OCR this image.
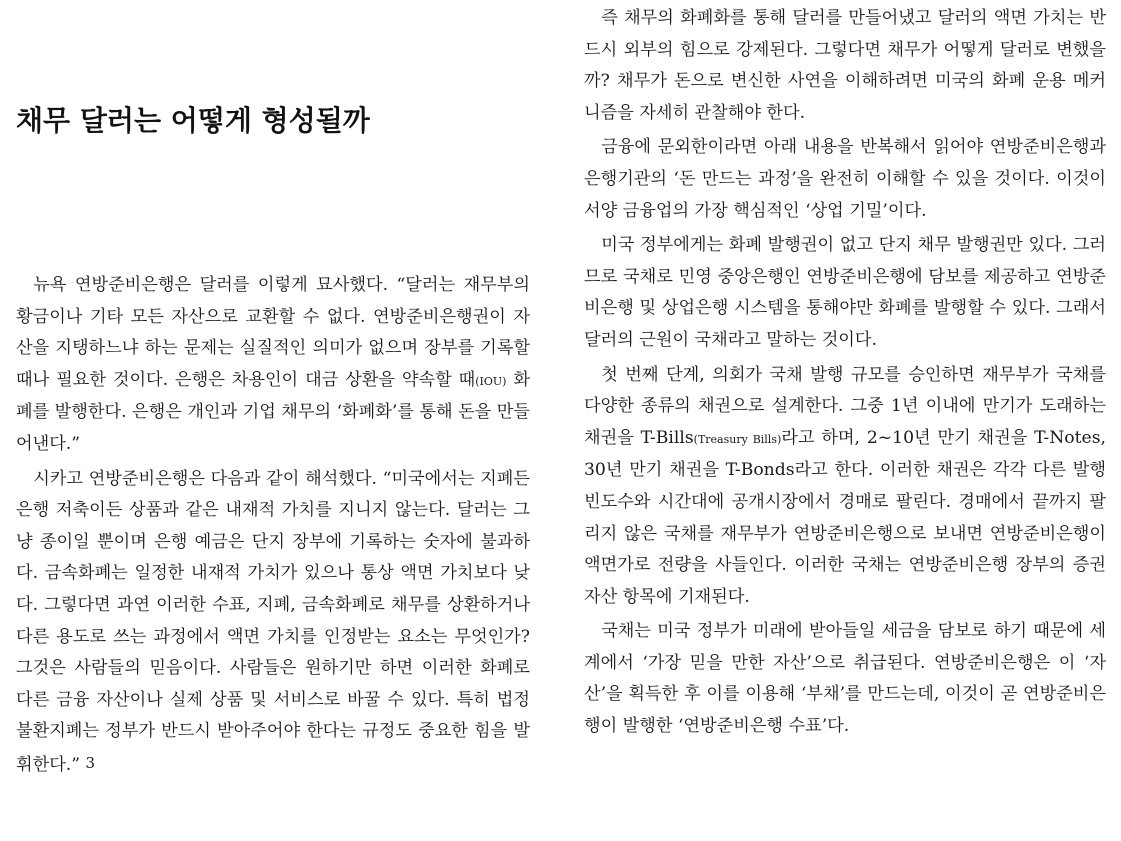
채무 달러는 어떻게 형성될까

뉴욕 연방준비은행은 달러를 이렇게 묘사했다. “달러는 재무부의 황금이나 기타 모든 자산으로 교환할 수 없다. 연방준비은행권이 자산을 지탱하느냐 하는 문제는 실질적인 의미가 없으며 장부를 기록할 때나 필요한 것이다. 은행은 차용인이 대금 상환을 약속할 때(IOU) 화폐를 발행한다. 은행은 개인과 기업 채무의 ‘화폐화’를 통해 돈을 만들어낸다.”

시카고 연방준비은행은 다음과 같이 해석했다. “미국에서는 지폐든 은행 저축이든 상품과 같은 내재적 가치를 지니지 않는다. 달러는 그냥 종이일 뿐이며 은행 예금은 단지 장부에 기록하는 숫자에 불과하다. 금속화폐는 일정한 내재적 가치가 있으나 통상 액면 가치보다 낮다. 그렇다면 과연 이러한 수표, 지폐, 금속화폐로 채무를 상환하거나 다른 용도로 쓰는 과정에서 액면 가치를 인정받는 요소는 무엇인가? 그것은 사람들의 믿음이다. 사람들은 원하기만 하면 이러한 화폐로 다른 금융 자산이나 실제 상품 및 서비스로 바꿀 수 있다. 특히 법정 불환지폐는 정부가 반드시 받아주어야 한다는 규정도 중요한 힘을 발휘한다.” 3

즉 채무의 화폐화를 통해 달러를 만들어냈고 달러의 액면 가치는 반드시 외부의 힘으로 강제된다. 그렇다면 채무가 어떻게 달러로 변했을까? 채무가 돈으로 변신한 사연을 이해하려면 미국의 화폐 운용 메커니즘을 자세히 관찰해야 한다.

금융에 문외한이라면 아래 내용을 반복해서 읽어야 연방준비은행과 은행기관의 ‘돈 만드는 과정’을 완전히 이해할 수 있을 것이다. 이것이 서양 금융업의 가장 핵심적인 ‘상업 기밀’이다.

미국 정부에게는 화폐 발행권이 없고 단지 채무 발행권만 있다. 그러므로 국채로 민영 중앙은행인 연방준비은행에 담보를 제공하고 연방준비은행 및 상업은행 시스템을 통해야만 화폐를 발행할 수 있다. 그래서 달러의 근원이 국채라고 말하는 것이다.

첫 번째 단계, 의회가 국채 발행 규모를 승인하면 재무부가 국채를 다양한 종류의 채권으로 설계한다. 그중 1년 이내에 만기가 도래하는 채권을 T-Bills(Treasury Bills)라고 하며, 2~10년 만기 채권을 T-Notes, 30년 만기 채권을 T-Bonds라고 한다. 이러한 채권은 각각 다른 발행 빈도수와 시간대에 공개시장에서 경매로 팔린다. 경매에서 끝까지 팔리지 않은 국채를 재무부가 연방준비은행으로 보내면 연방준비은행이 액면가로 전량을 사들인다. 이러한 국채는 연방준비은행 장부의 증권자산 항목에 기재된다.

국채는 미국 정부가 미래에 받아들일 세금을 담보로 하기 때문에 세계에서 ‘가장 믿을 만한 자산’으로 취급된다. 연방준비은행은 이 ‘자산’을 획득한 후 이를 이용해 ‘부채’를 만드는데, 이것이 곧 연방준비은행이 발행한 ‘연방준비은행 수표’다.
